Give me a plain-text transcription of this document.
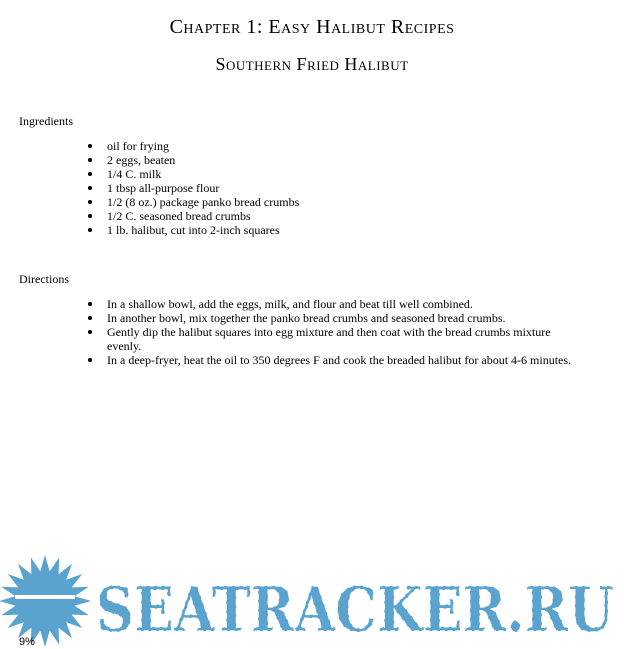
Chapter 1: Easy Halibut Recipes
Southern Fried Halibut
Ingredients
oil for frying
2 eggs, beaten
1/4 C. milk
1 tbsp all-purpose flour
1/2 (8 oz.) package panko bread crumbs
1/2 C. seasoned bread crumbs
1 lb. halibut, cut into 2-inch squares
Directions
In a shallow bowl, add the eggs, milk, and flour and beat till well combined.
In another bowl, mix together the panko bread crumbs and seasoned bread crumbs.
Gently dip the halibut squares into egg mixture and then coat with the bread crumbs mixture evenly.
In a deep-fryer, heat the oil to 350 degrees F and cook the breaded halibut for about 4-6 minutes.
SEATRACKER.RU
9%
